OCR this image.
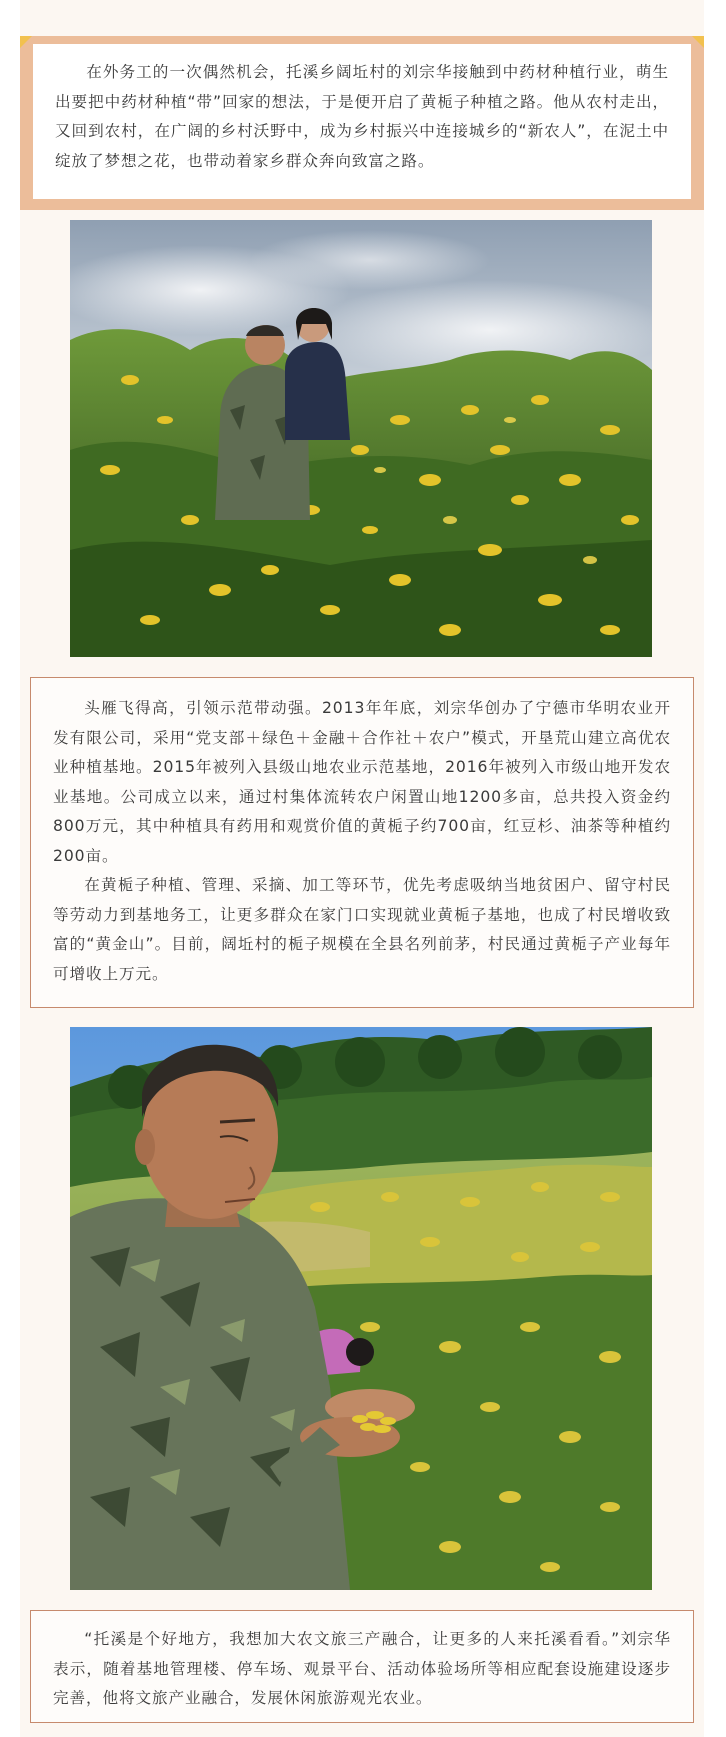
在外务工的一次偶然机会，托溪乡阔坵村的刘宗华接触到中药材种植行业，萌生出要把中药材种植“带”回家的想法，于是便开启了黄栀子种植之路。他从农村走出，又回到农村，在广阔的乡村沃野中，成为乡村振兴中连接城乡的“新农人”，在泥土中绽放了梦想之花，也带动着家乡群众奔向致富之路。

头雁飞得高，引领示范带动强。2013年年底，刘宗华创办了宁德市华明农业开发有限公司，采用“党支部＋绿色＋金融＋合作社＋农户”模式，开垦荒山建立高优农业种植基地。2015年被列入县级山地农业示范基地，2016年被列入市级山地开发农业基地。公司成立以来，通过村集体流转农户闲置山地1200多亩，总共投入资金约800万元，其中种植具有药用和观赏价值的黄栀子约700亩，红豆杉、油茶等种植约200亩。

在黄栀子种植、管理、采摘、加工等环节，优先考虑吸纳当地贫困户、留守村民等劳动力到基地务工，让更多群众在家门口实现就业黄栀子基地，也成了村民增收致富的“黄金山”。目前，阔坵村的栀子规模在全县名列前茅，村民通过黄栀子产业每年可增收上万元。

“托溪是个好地方，我想加大农文旅三产融合，让更多的人来托溪看看。”刘宗华表示，随着基地管理楼、停车场、观景平台、活动体验场所等相应配套设施建设逐步完善，他将文旅产业融合，发展休闲旅游观光农业。
